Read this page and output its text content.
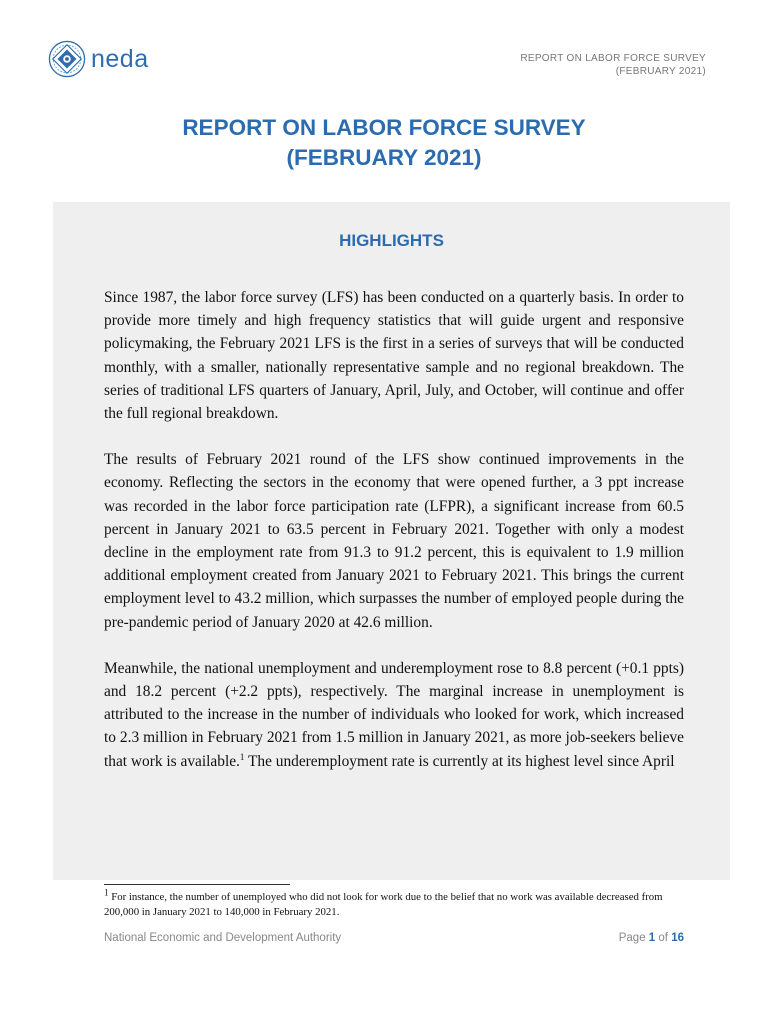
neda	REPORT ON LABOR FORCE SURVEY
(FEBRUARY 2021)
REPORT ON LABOR FORCE SURVEY
(FEBRUARY 2021)
HIGHLIGHTS

Since 1987, the labor force survey (LFS) has been conducted on a quarterly basis. In order to provide more timely and high frequency statistics that will guide urgent and responsive policymaking, the February 2021 LFS is the first in a series of surveys that will be conducted monthly, with a smaller, nationally representative sample and no regional breakdown. The series of traditional LFS quarters of January, April, July, and October, will continue and offer the full regional breakdown.

The results of February 2021 round of the LFS show continued improvements in the economy. Reflecting the sectors in the economy that were opened further, a 3 ppt increase was recorded in the labor force participation rate (LFPR), a significant increase from 60.5 percent in January 2021 to 63.5 percent in February 2021. Together with only a modest decline in the employment rate from 91.3 to 91.2 percent, this is equivalent to 1.9 million additional employment created from January 2021 to February 2021. This brings the current employment level to 43.2 million, which surpasses the number of employed people during the pre-pandemic period of January 2020 at 42.6 million.

Meanwhile, the national unemployment and underemployment rose to 8.8 percent (+0.1 ppts) and 18.2 percent (+2.2 ppts), respectively. The marginal increase in unemployment is attributed to the increase in the number of individuals who looked for work, which increased to 2.3 million in February 2021 from 1.5 million in January 2021, as more job-seekers believe that work is available.$^1$ The underemployment rate is currently at its highest level since April

$^1$ For instance, the number of unemployed who did not look for work due to the belief that no work was available decreased from 200,000 in January 2021 to 140,000 in February 2021.
National Economic and Development Authority	Page 1 of 16
